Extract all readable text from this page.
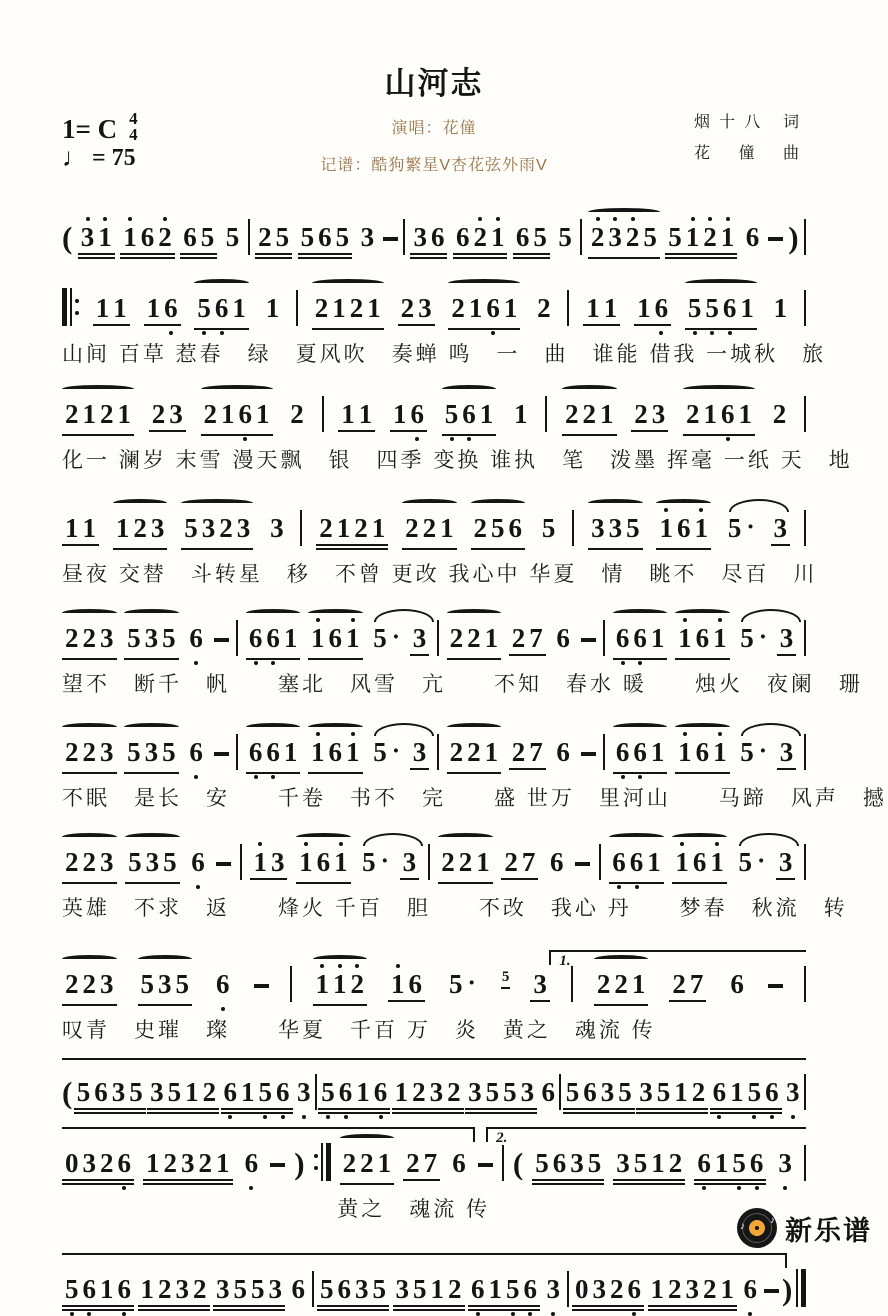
山河志
1= C 4
4
♩ = 75
演唱：花僮
记谱：酷狗繁星V杏花弦外雨V
烟十八 词
花 僮 曲
( 3 1 1 6 2 6 5 5 2 5 5 6 5 3 3 6 6 2 1 6 5 5 2 3 2 5 5 1 2 1 6 )
1 1 1 6 5 6 1 1 2 1 2 1 2 3 2 1 6 1 2 1 1 1 6 5 5 6 1 1
山间 百草 惹春　绿　夏风吹　奏蝉 鸣　一　曲　谁能 借我 一城秋　旅
2 1 2 1 2 3 2 1 6 1 2 1 1 1 6 5 6 1 1 2 2 1 2 3 2 1 6 1 2
化一 澜岁 末雪 漫天飘　银　四季 变换 谁执　笔　泼墨 挥毫 一纸 天　地
1 1 1 2 3 5 3 2 3 3 2 1 2 1 2 2 1 2 5 6 5 3 3 5 1 6 1 5 · 3
昼夜 交替　斗转星　移　不曾 更改 我心中 华夏　情　眺不　尽百　川
2 2 3 5 3 5 6 6 6 1 1 6 1 5 · 3 2 2 1 2 7 6 6 6 1 1 6 1 5 · 3
望不　断千　帆　　塞北　风雪　亢　　不知　春水 暖　　烛火　夜阑　珊
2 2 3 5 3 5 6 6 6 1 1 6 1 5 · 3 2 2 1 2 7 6 6 6 1 1 6 1 5 · 3
不眠　是长　安　　千卷　书不　完　　盛 世万　里河山　　马蹄　风声　撼
2 2 3 5 3 5 6 1 3 1 6 1 5 · 3 2 2 1 2 7 6 6 6 1 1 6 1 5 · 3
英雄　不求　返　　烽火 千百　胆　　不改　我心 丹　　梦春　秋流　转
1.
2 2 3 5 3 5 6	1 1 2 1 6 5 · 5 3 2 2 1 2 7 6
叹青　史璀　璨　　华夏　千百 万　炎　黄之　魂流 传
( 5 6 3 5 3 5 1 2 6 1 5 6 3 5 6 1 6 1 2 3 2 3 5 5 3 6 5 6 3 5 3 5 1 2 6 1 5 6 3
2.
0 3 2 6 1 2 3 2 1 6 ) 2 2 1 2 7 6 ( 5 6 3 5 3 5 1 2 6 1 5 6 3
黄之　魂流 传
5 6 1 6 1 2 3 2 3 5 5 3 6 5 6 3 5 3 5 1 2 6 1 5 6 3 0 3 2 6 1 2 3 2 1 6 )
♪
♪ 新乐谱
